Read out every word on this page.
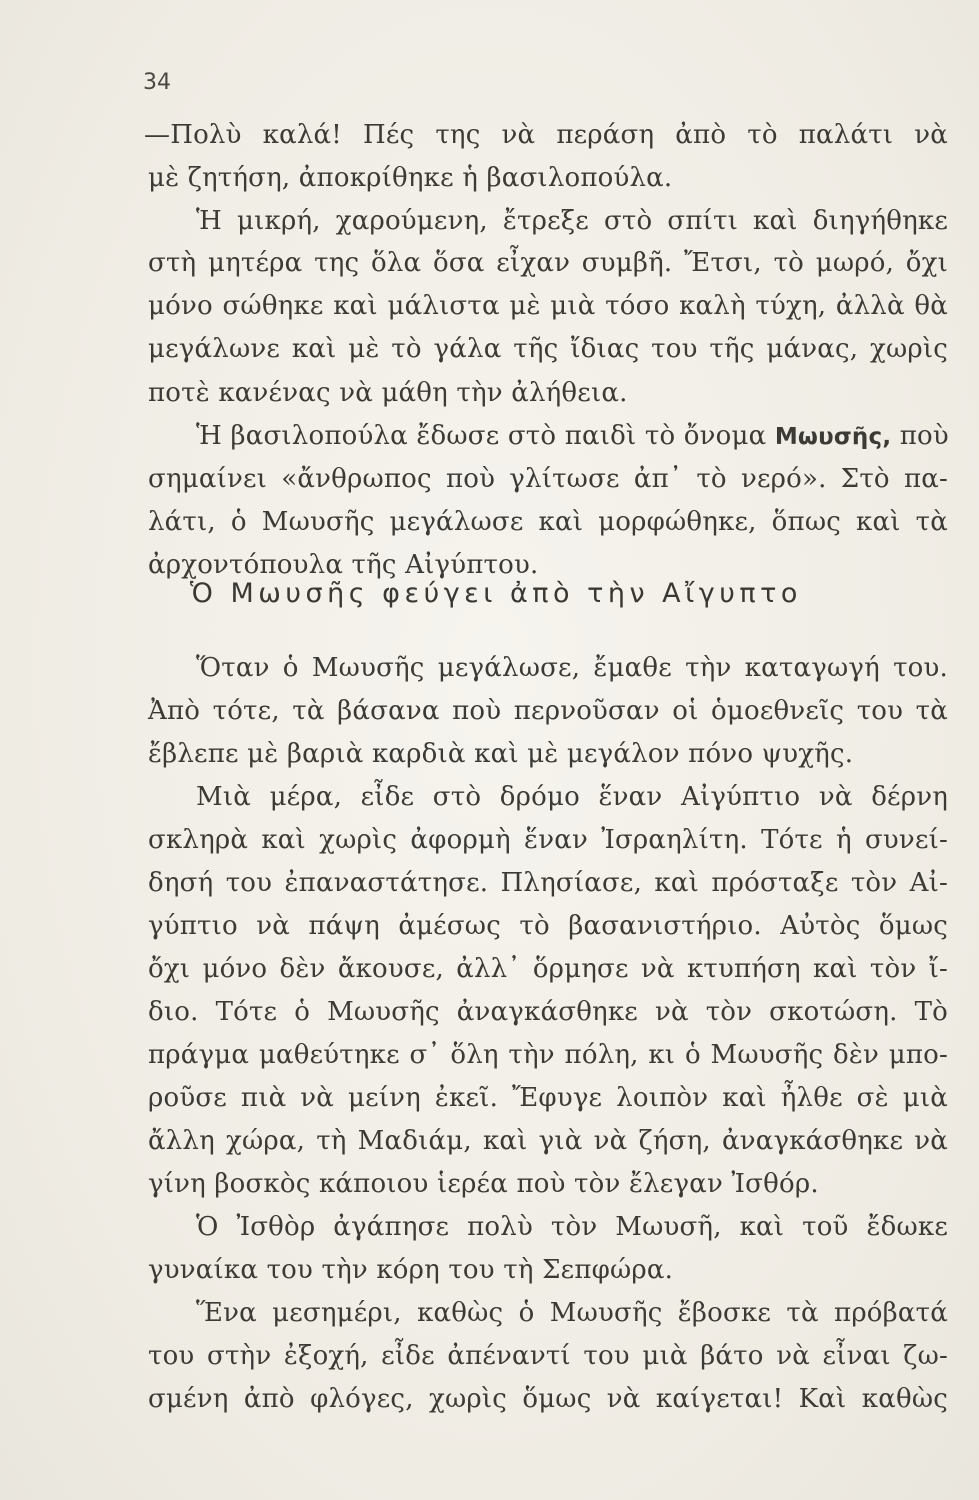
34
—Πολὺ καλά! Πές της νὰ περάση ἀπὸ τὸ παλάτι νὰ
μὲ ζητήση, ἀποκρίθηκε ἡ βασιλοπούλα.
Ἡ μικρή, χαρούμενη, ἔτρεξε στὸ σπίτι καὶ διηγήθηκε
στὴ μητέρα της ὅλα ὅσα εἶχαν συμβῆ. Ἔτσι, τὸ μωρό, ὄχι
μόνο σώθηκε καὶ μάλιστα μὲ μιὰ τόσο καλὴ τύχη, ἀλλὰ θὰ
μεγάλωνε καὶ μὲ τὸ γάλα τῆς ἴδιας του τῆς μάνας, χωρὶς
ποτὲ κανένας νὰ μάθη τὴν ἀλήθεια.
Ἡ βασιλοπούλα ἔδωσε στὸ παιδὶ τὸ ὄνομα Μωυσῆς, ποὺ
σημαίνει «ἄνθρωπος ποὺ γλίτωσε ἀπ᾿ τὸ νερό». Στὸ πα-
λάτι, ὁ Μωυσῆς μεγάλωσε καὶ μορφώθηκε, ὅπως καὶ τὰ
ἀρχοντόπουλα τῆς Αἰγύπτου.
Ὁ Μωυσῆς φεύγει ἀπὸ τὴν Αἴγυπτο
Ὅταν ὁ Μωυσῆς μεγάλωσε, ἔμαθε τὴν καταγωγή του.
Ἀπὸ τότε, τὰ βάσανα ποὺ περνοῦσαν οἱ ὁμοεθνεῖς του τὰ
ἔβλεπε μὲ βαριὰ καρδιὰ καὶ μὲ μεγάλον πόνο ψυχῆς.
Μιὰ μέρα, εἶδε στὸ δρόμο ἕναν Αἰγύπτιο νὰ δέρνη
σκληρὰ καὶ χωρὶς ἀφορμὴ ἕναν Ἰσραηλίτη. Τότε ἡ συνεί-
δησή του ἐπαναστάτησε. Πλησίασε, καὶ πρόσταξε τὸν Αἰ-
γύπτιο νὰ πάψη ἀμέσως τὸ βασανιστήριο. Αὐτὸς ὅμως
ὄχι μόνο δὲν ἄκουσε, ἀλλ᾿ ὅρμησε νὰ κτυπήση καὶ τὸν ἴ-
διο. Τότε ὁ Μωυσῆς ἀναγκάσθηκε νὰ τὸν σκοτώση. Τὸ
πράγμα μαθεύτηκε σ᾿ ὅλη τὴν πόλη, κι ὁ Μωυσῆς δὲν μπο-
ροῦσε πιὰ νὰ μείνη ἐκεῖ. Ἔφυγε λοιπὸν καὶ ἦλθε σὲ μιὰ
ἄλλη χώρα, τὴ Μαδιάμ, καὶ γιὰ νὰ ζήση, ἀναγκάσθηκε νὰ
γίνη βοσκὸς κάποιου ἱερέα ποὺ τὸν ἔλεγαν Ἰσθόρ.
Ὁ Ἰσθὸρ ἀγάπησε πολὺ τὸν Μωυσῆ, καὶ τοῦ ἔδωκε
γυναίκα του τὴν κόρη του τὴ Σεπφώρα.
Ἕνα μεσημέρι, καθὼς ὁ Μωυσῆς ἔβοσκε τὰ πρόβατά
του στὴν ἐξοχή, εἶδε ἀπέναντί του μιὰ βάτο νὰ εἶναι ζω-
σμένη ἀπὸ φλόγες, χωρὶς ὅμως νὰ καίγεται! Καὶ καθὼς
